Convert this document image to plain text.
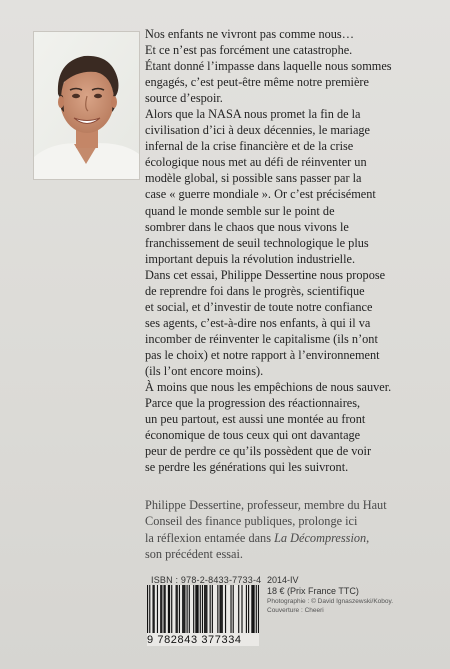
Nos enfants ne vivront pas comme nous…
Et ce n’est pas forcément une catastrophe.
Étant donné l’impasse dans laquelle nous sommes
engagés, c’est peut-être même notre première
source d’espoir.
Alors que la NASA nous promet la fin de la
civilisation d’ici à deux décennies, le mariage
infernal de la crise financière et de la crise
écologique nous met au défi de réinventer un
modèle global, si possible sans passer par la
case « guerre mondiale ». Or c’est précisément
quand le monde semble sur le point de
sombrer dans le chaos que nous vivons le
franchissement de seuil technologique le plus
important depuis la révolution industrielle.
Dans cet essai, Philippe Dessertine nous propose
de reprendre foi dans le progrès, scientifique
et social, et d’investir de toute notre confiance
ses agents, c’est-à-dire nos enfants, à qui il va
incomber de réinventer le capitalisme (ils n’ont
pas le choix) et notre rapport à l’environnement
(ils l’ont encore moins).
À moins que nous les empêchions de nous sauver.
Parce que la progression des réactionnaires,
un peu partout, est aussi une montée au front
économique de tous ceux qui ont davantage
peur de perdre ce qu’ils possèdent que de voir
se perdre les générations qui les suivront.
Philippe Dessertine, professeur, membre du Haut
Conseil des finance publiques, prolonge ici
la réflexion entamée dans La Décompression,
son précédent essai.
ISBN : 978-2-8433-7733-4
9 782843 377334
2014-IV
18 € (Prix France TTC)
Photographie : © David Ignaszewski/Koboy.
Couverture : Cheeri
